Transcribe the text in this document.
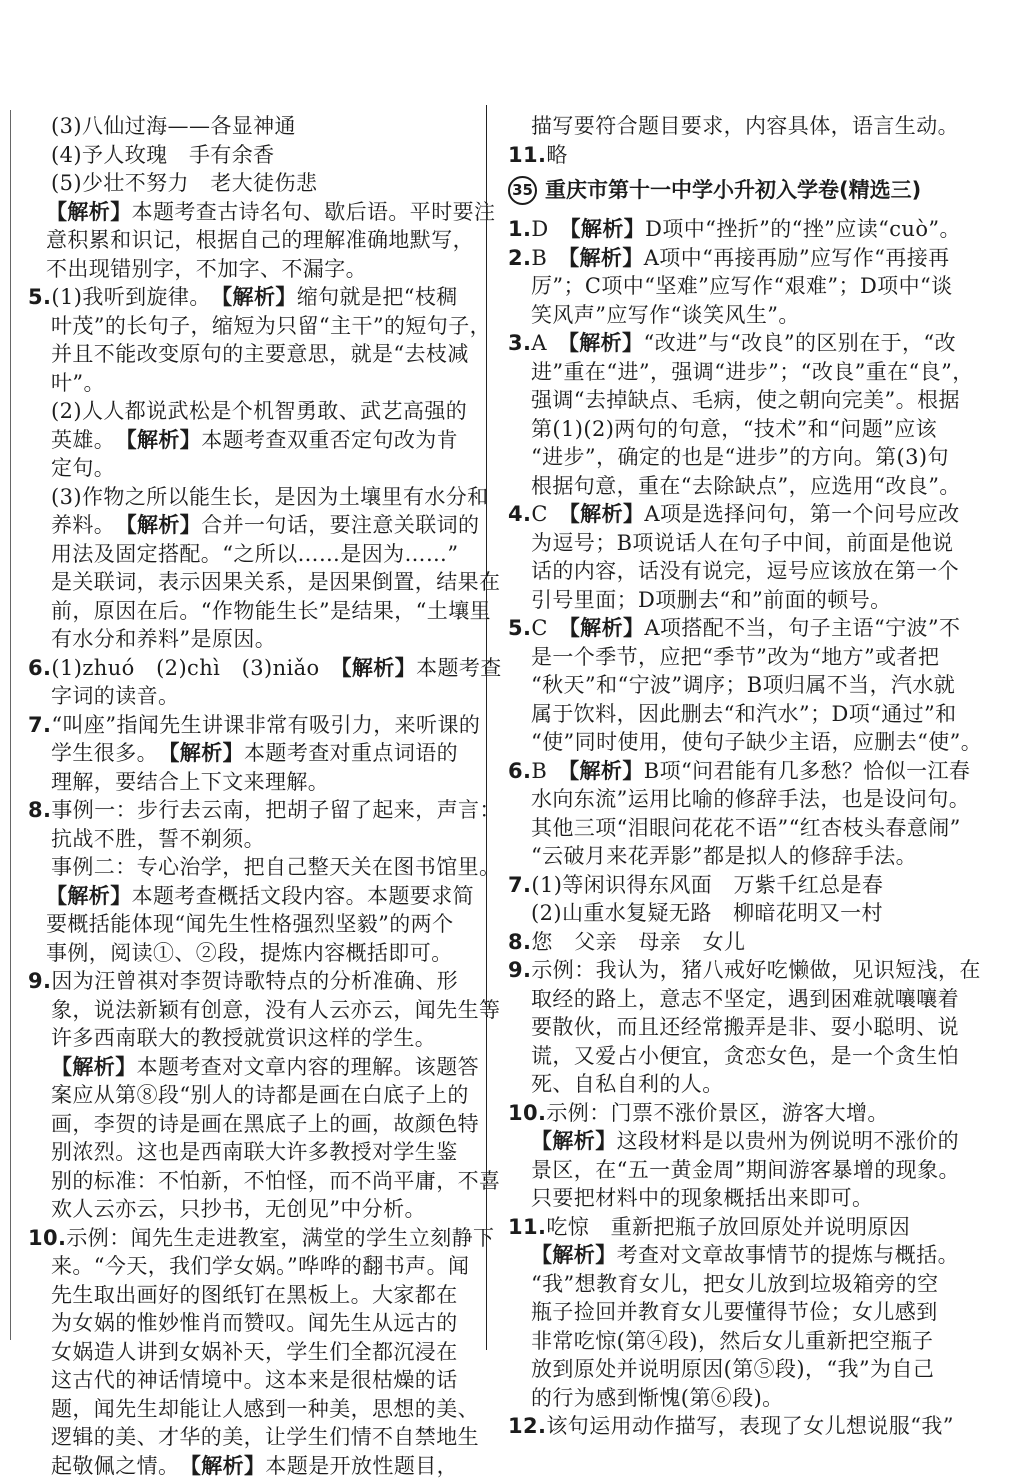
(3)八仙过海——各显神通
(4)予人玫瑰　手有余香
(5)少壮不努力　老大徒伤悲
【解析】本题考查古诗名句、歇后语。平时要注
意积累和识记，根据自己的理解准确地默写，
不出现错别字，不加字、不漏字。
5.(1)我听到旋律。　【解析】缩句就是把“枝稠
叶茂”的长句子，缩短为只留“主干”的短句子，
并且不能改变原句的主要意思，就是“去枝减
叶”。
(2)人人都说武松是个机智勇敢、武艺高强的
英雄。　【解析】本题考查双重否定句改为肯
定句。
(3)作物之所以能生长，是因为土壤里有水分和
养料。　【解析】合并一句话，要注意关联词的
用法及固定搭配。“之所以……是因为……”
是关联词，表示因果关系，是因果倒置，结果在
前，原因在后。“作物能生长”是结果，“土壤里
有水分和养料”是原因。
6.(1)zhuó　(2)chì　(3)niǎo　【解析】本题考查
字词的读音。
7.“叫座”指闻先生讲课非常有吸引力，来听课的
学生很多。　【解析】本题考查对重点词语的
理解，要结合上下文来理解。
8.事例一：步行去云南，把胡子留了起来，声言：
抗战不胜，誓不剃须。
事例二：专心治学，把自己整天关在图书馆里。
【解析】本题考查概括文段内容。本题要求简
要概括能体现“闻先生性格强烈坚毅”的两个
事例，阅读①、②段，提炼内容概括即可。
9.因为汪曾祺对李贺诗歌特点的分析准确、形
象，说法新颖有创意，没有人云亦云，闻先生等
许多西南联大的教授就赏识这样的学生。
【解析】本题考查对文章内容的理解。该题答
案应从第⑧段“别人的诗都是画在白底子上的
画，李贺的诗是画在黑底子上的画，故颜色特
别浓烈。这也是西南联大许多教授对学生鉴
别的标准：不怕新，不怕怪，而不尚平庸，不喜
欢人云亦云，只抄书，无创见”中分析。
10.示例：闻先生走进教室，满堂的学生立刻静下
来。“今天，我们学女娲。”哗哗的翻书声。闻
先生取出画好的图纸钉在黑板上。大家都在
为女娲的惟妙惟肖而赞叹。闻先生从远古的
女娲造人讲到女娲补天，学生们全都沉浸在
这古代的神话情境中。这本来是很枯燥的话
题，闻先生却能让人感到一种美，思想的美、
逻辑的美、才华的美，让学生们情不自禁地生
起敬佩之情。　【解析】本题是开放性题目，
描写要符合题目要求，内容具体，语言生动。
11.略
35 重庆市第十一中学小升初入学卷(精选三)
1.D　【解析】D项中“挫折”的“挫”应读“cuò”。
2.B　【解析】A项中“再接再励”应写作“再接再
厉”；C项中“坚难”应写作“艰难”；D项中“谈
笑风声”应写作“谈笑风生”。
3.A　【解析】“改进”与“改良”的区别在于，“改
进”重在“进”，强调“进步”；“改良”重在“良”，
强调“去掉缺点、毛病，使之朝向完美”。根据
第(1)(2)两句的句意，“技术”和“问题”应该
“进步”，确定的也是“进步”的方向。第(3)句
根据句意，重在“去除缺点”，应选用“改良”。
4.C　【解析】A项是选择问句，第一个问号应改
为逗号；B项说话人在句子中间，前面是他说
话的内容，话没有说完，逗号应该放在第一个
引号里面；D项删去“和”前面的顿号。
5.C　【解析】A项搭配不当，句子主语“宁波”不
是一个季节，应把“季节”改为“地方”或者把
“秋天”和“宁波”调序；B项归属不当，汽水就
属于饮料，因此删去“和汽水”；D项“通过”和
“使”同时使用，使句子缺少主语，应删去“使”。
6.B　【解析】B项“问君能有几多愁？恰似一江春
水向东流”运用比喻的修辞手法，也是设问句。
其他三项“泪眼问花花不语”“红杏枝头春意闹”
“云破月来花弄影”都是拟人的修辞手法。
7.(1)等闲识得东风面　万紫千红总是春
(2)山重水复疑无路　柳暗花明又一村
8.您　父亲　母亲　女儿
9.示例：我认为，猪八戒好吃懒做，见识短浅，在
取经的路上，意志不坚定，遇到困难就嚷嚷着
要散伙，而且还经常搬弄是非、耍小聪明、说
谎，又爱占小便宜，贪恋女色，是一个贪生怕
死、自私自利的人。
10.示例：门票不涨价景区，游客大增。
【解析】这段材料是以贵州为例说明不涨价的
景区，在“五一黄金周”期间游客暴增的现象。
只要把材料中的现象概括出来即可。
11.吃惊　重新把瓶子放回原处并说明原因
【解析】考查对文章故事情节的提炼与概括。
“我”想教育女儿，把女儿放到垃圾箱旁的空
瓶子捡回并教育女儿要懂得节俭；女儿感到
非常吃惊(第④段)，然后女儿重新把空瓶子
放到原处并说明原因(第⑤段)，“我”为自己
的行为感到惭愧(第⑥段)。
12.该句运用动作描写，表现了女儿想说服“我”
